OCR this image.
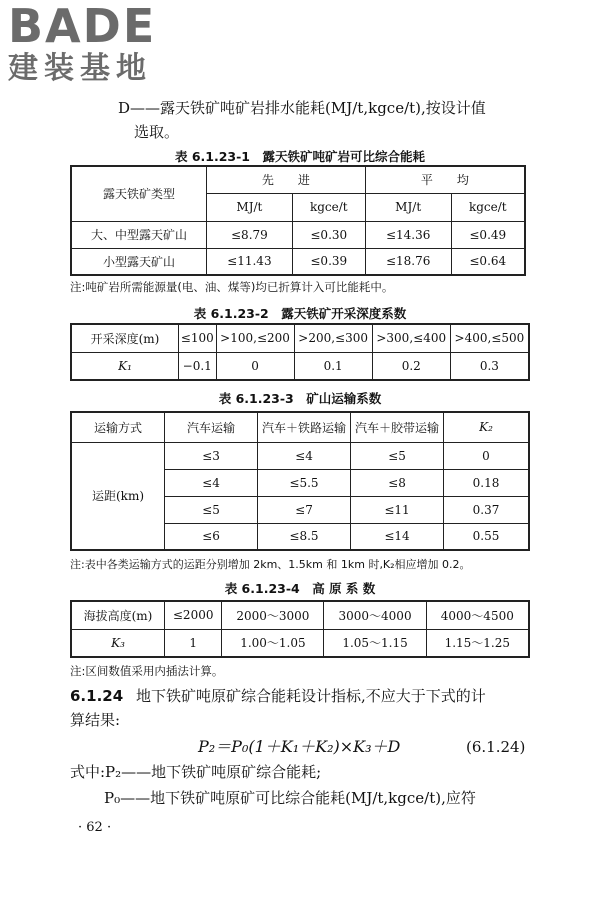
BADE
建装基地
D——露天铁矿吨矿岩排水能耗(MJ/t,kgce/t),按设计值
选取。
表 6.1.23-1　露天铁矿吨矿岩可比综合能耗
露天铁矿类型	先　　进		平　　均	
	MJ/t	kgce/t	MJ/t	kgce/t
大、中型露天矿山	≤8.79	≤0.30	≤14.36	≤0.49
小型露天矿山	≤11.43	≤0.39	≤18.76	≤0.64
注:吨矿岩所需能源量(电、油、煤等)均已折算计入可比能耗中。
表 6.1.23-2　露天铁矿开采深度系数
开采深度(m)	≤100	>100,≤200	>200,≤300	>300,≤400	>400,≤500
K₁	−0.1	0	0.1	0.2	0.3
表 6.1.23-3　矿山运输系数
运输方式	汽车运输	汽车＋铁路运输	汽车＋胶带运输	K₂
运距(km)	≤3	≤4	≤5	0
	≤4	≤5.5	≤8	0.18
	≤5	≤7	≤11	0.37
	≤6	≤8.5	≤14	0.55
注:表中各类运输方式的运距分别增加 2km、1.5km 和 1km 时,K₂相应增加 0.2。
表 6.1.23-4　高 原 系 数
海拔高度(m)	≤2000	2000～3000	3000～4000	4000～4500
K₃	1	1.00～1.05	1.05～1.15	1.15～1.25
注:区间数值采用内插法计算。
6.1.24 地下铁矿吨原矿综合能耗设计指标,不应大于下式的计
算结果:
P₂＝P₀(1＋K₁＋K₂)×K₃＋D	(6.1.24)
式中:P₂——地下铁矿吨原矿综合能耗;
P₀——地下铁矿吨原矿可比综合能耗(MJ/t,kgce/t),应符
· 62 ·
